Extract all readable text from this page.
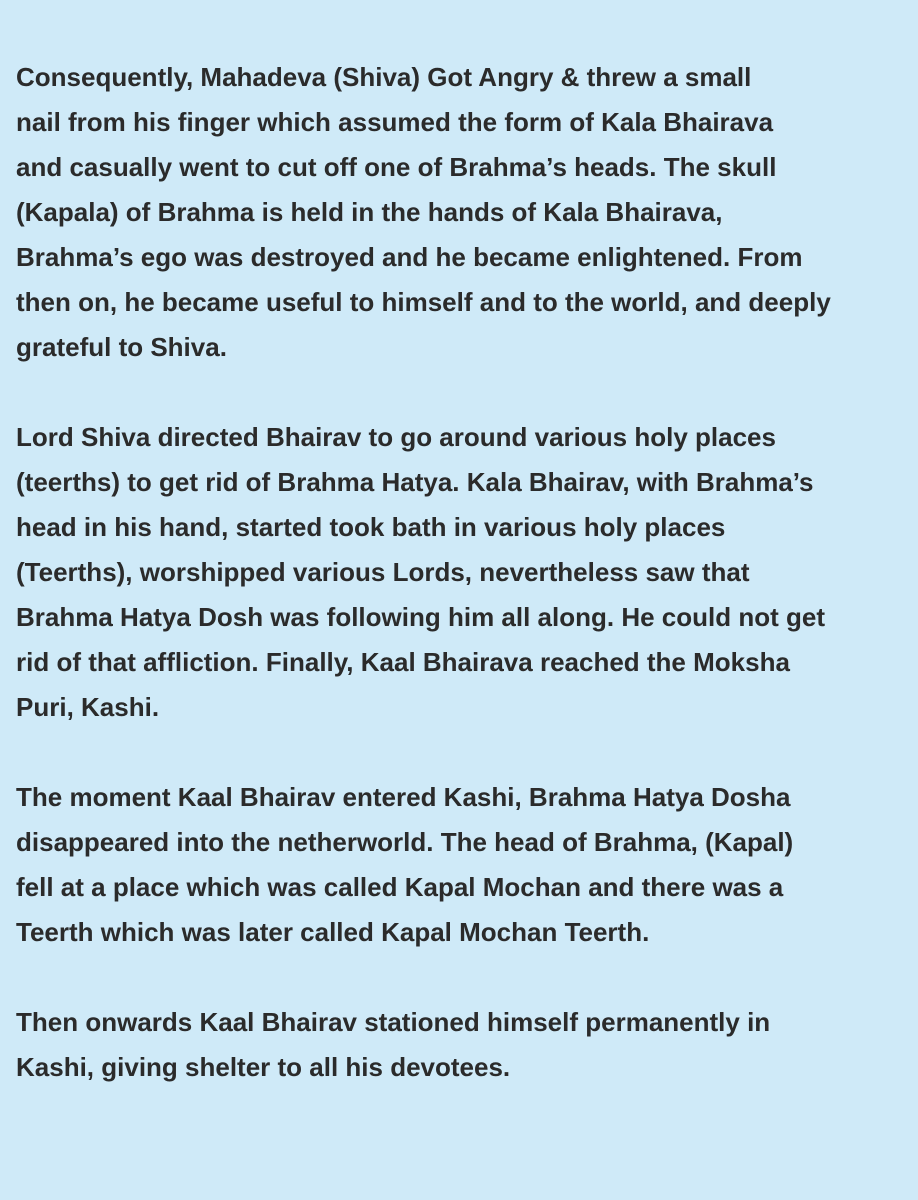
Consequently, Mahadeva (Shiva) Got Angry & threw a small
nail from his finger which assumed the form of Kala Bhairava
and casually went to cut off one of Brahma’s heads. The skull
(Kapala) of Brahma is held in the hands of Kala Bhairava,
Brahma’s ego was destroyed and he became enlightened. From
then on, he became useful to himself and to the world, and deeply
grateful to Shiva.
Lord Shiva directed Bhairav to go around various holy places
(teerths) to get rid of Brahma Hatya. Kala Bhairav, with Brahma’s
head in his hand, started took bath in various holy places
(Teerths), worshipped various Lords, nevertheless saw that
Brahma Hatya Dosh was following him all along. He could not get
rid of that affliction. Finally, Kaal Bhairava reached the Moksha
Puri, Kashi.
The moment Kaal Bhairav entered Kashi, Brahma Hatya Dosha
disappeared into the netherworld. The head of Brahma, (Kapal)
fell at a place which was called Kapal Mochan and there was a
Teerth which was later called Kapal Mochan Teerth.
Then onwards Kaal Bhairav stationed himself permanently in
Kashi, giving shelter to all his devotees.
